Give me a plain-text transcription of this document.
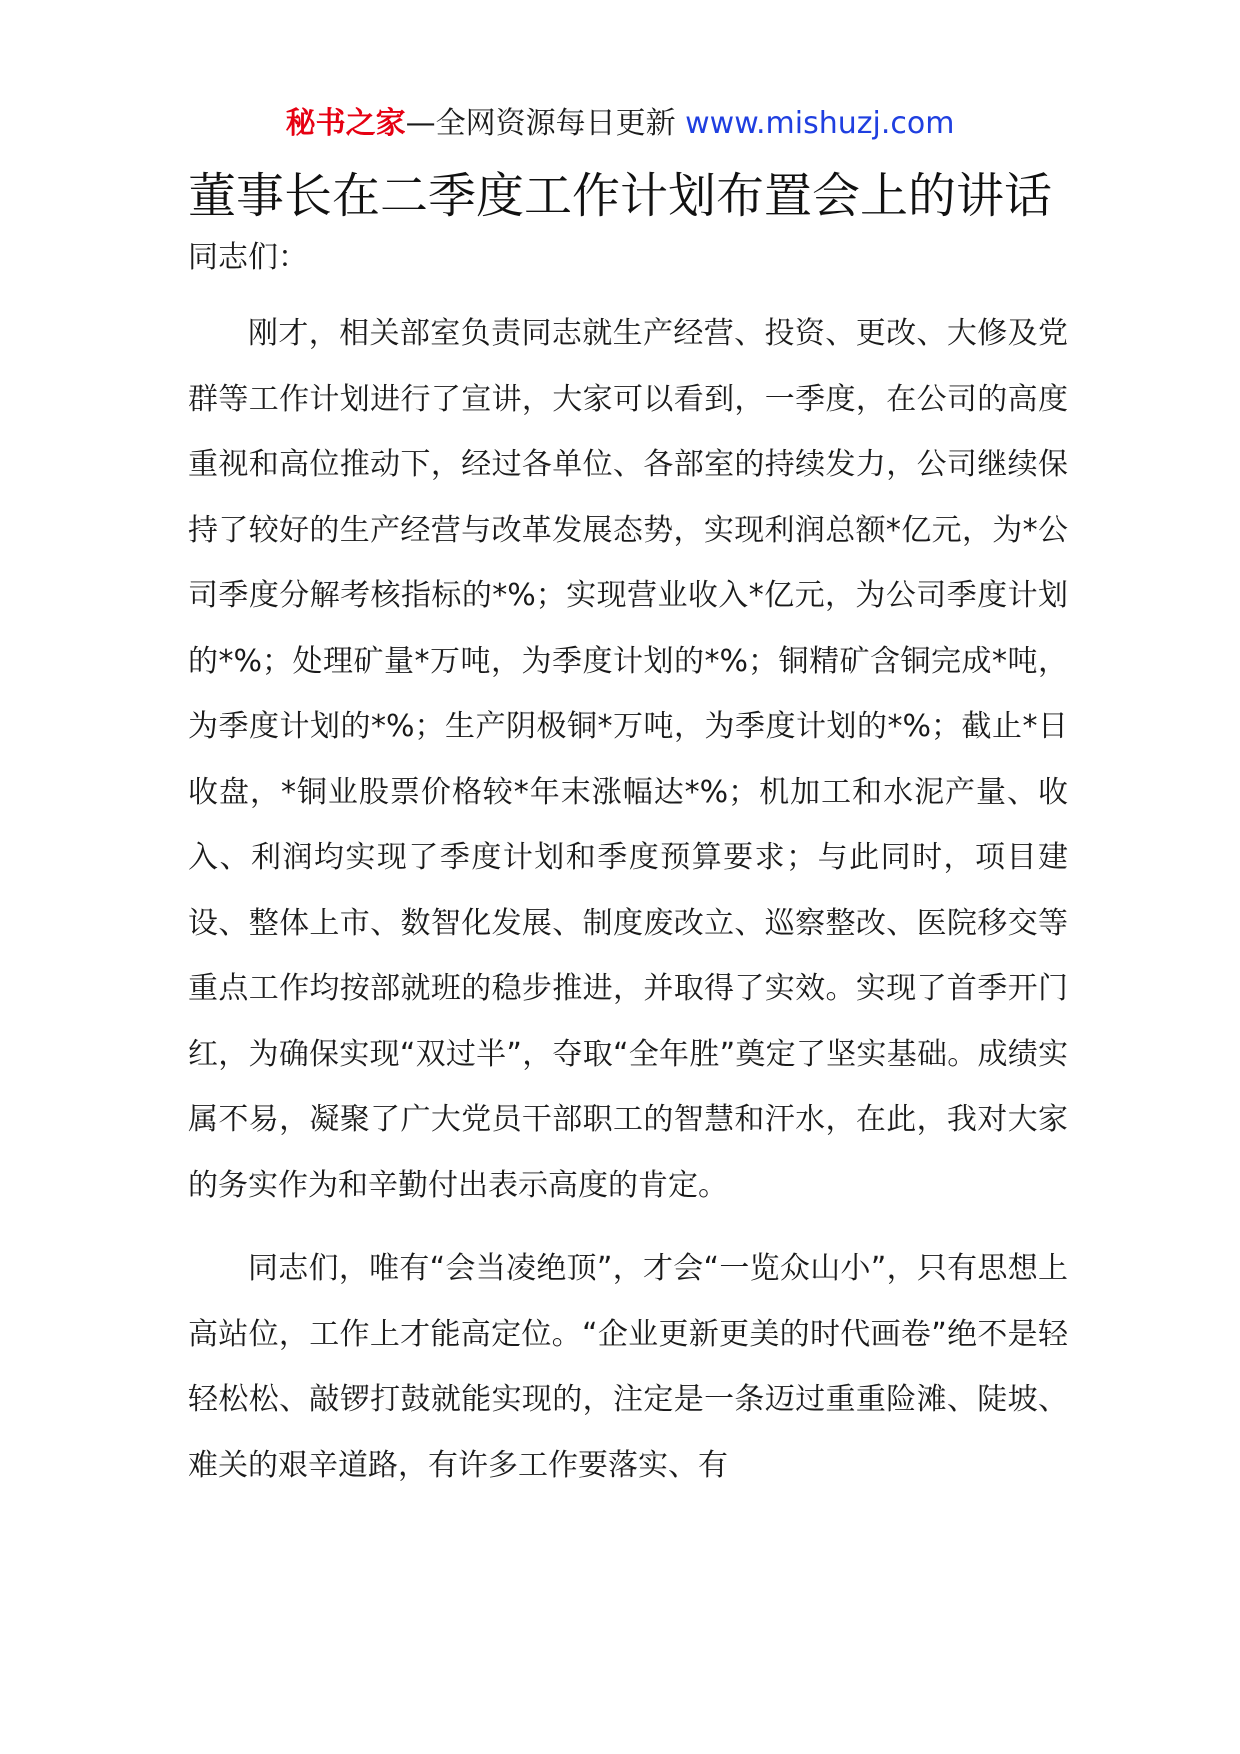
秘书之家—全网资源每日更新 www.mishuzj.com
董事长在二季度工作计划布置会上的讲话

同志们：

刚才，相关部室负责同志就生产经营、投资、更改、大修及党群等工作计划进行了宣讲，大家可以看到，一季度，在公司的高度重视和高位推动下，经过各单位、各部室的持续发力，公司继续保持了较好的生产经营与改革发展态势，实现利润总额*亿元，为*公司季度分解考核指标的*%；实现营业收入*亿元，为公司季度计划的*%；处理矿量*万吨，为季度计划的*%；铜精矿含铜完成*吨，为季度计划的*%；生产阴极铜*万吨，为季度计划的*%；截止*日收盘，*铜业股票价格较*年末涨幅达*%；机加工和水泥产量、收入、利润均实现了季度计划和季度预算要求；与此同时，项目建设、整体上市、数智化发展、制度废改立、巡察整改、医院移交等重点工作均按部就班的稳步推进，并取得了实效。实现了首季开门红，为确保实现“双过半”，夺取“全年胜”奠定了坚实基础。成绩实属不易，凝聚了广大党员干部职工的智慧和汗水，在此，我对大家的务实作为和辛勤付出表示高度的肯定。

同志们，唯有“会当凌绝顶”，才会“一览众山小”，只有思想上高站位，工作上才能高定位。“企业更新更美的时代画卷”绝不是轻轻松松、敲锣打鼓就能实现的，注定是一条迈过重重险滩、陡坡、难关的艰辛道路，有许多工作要落实、有
